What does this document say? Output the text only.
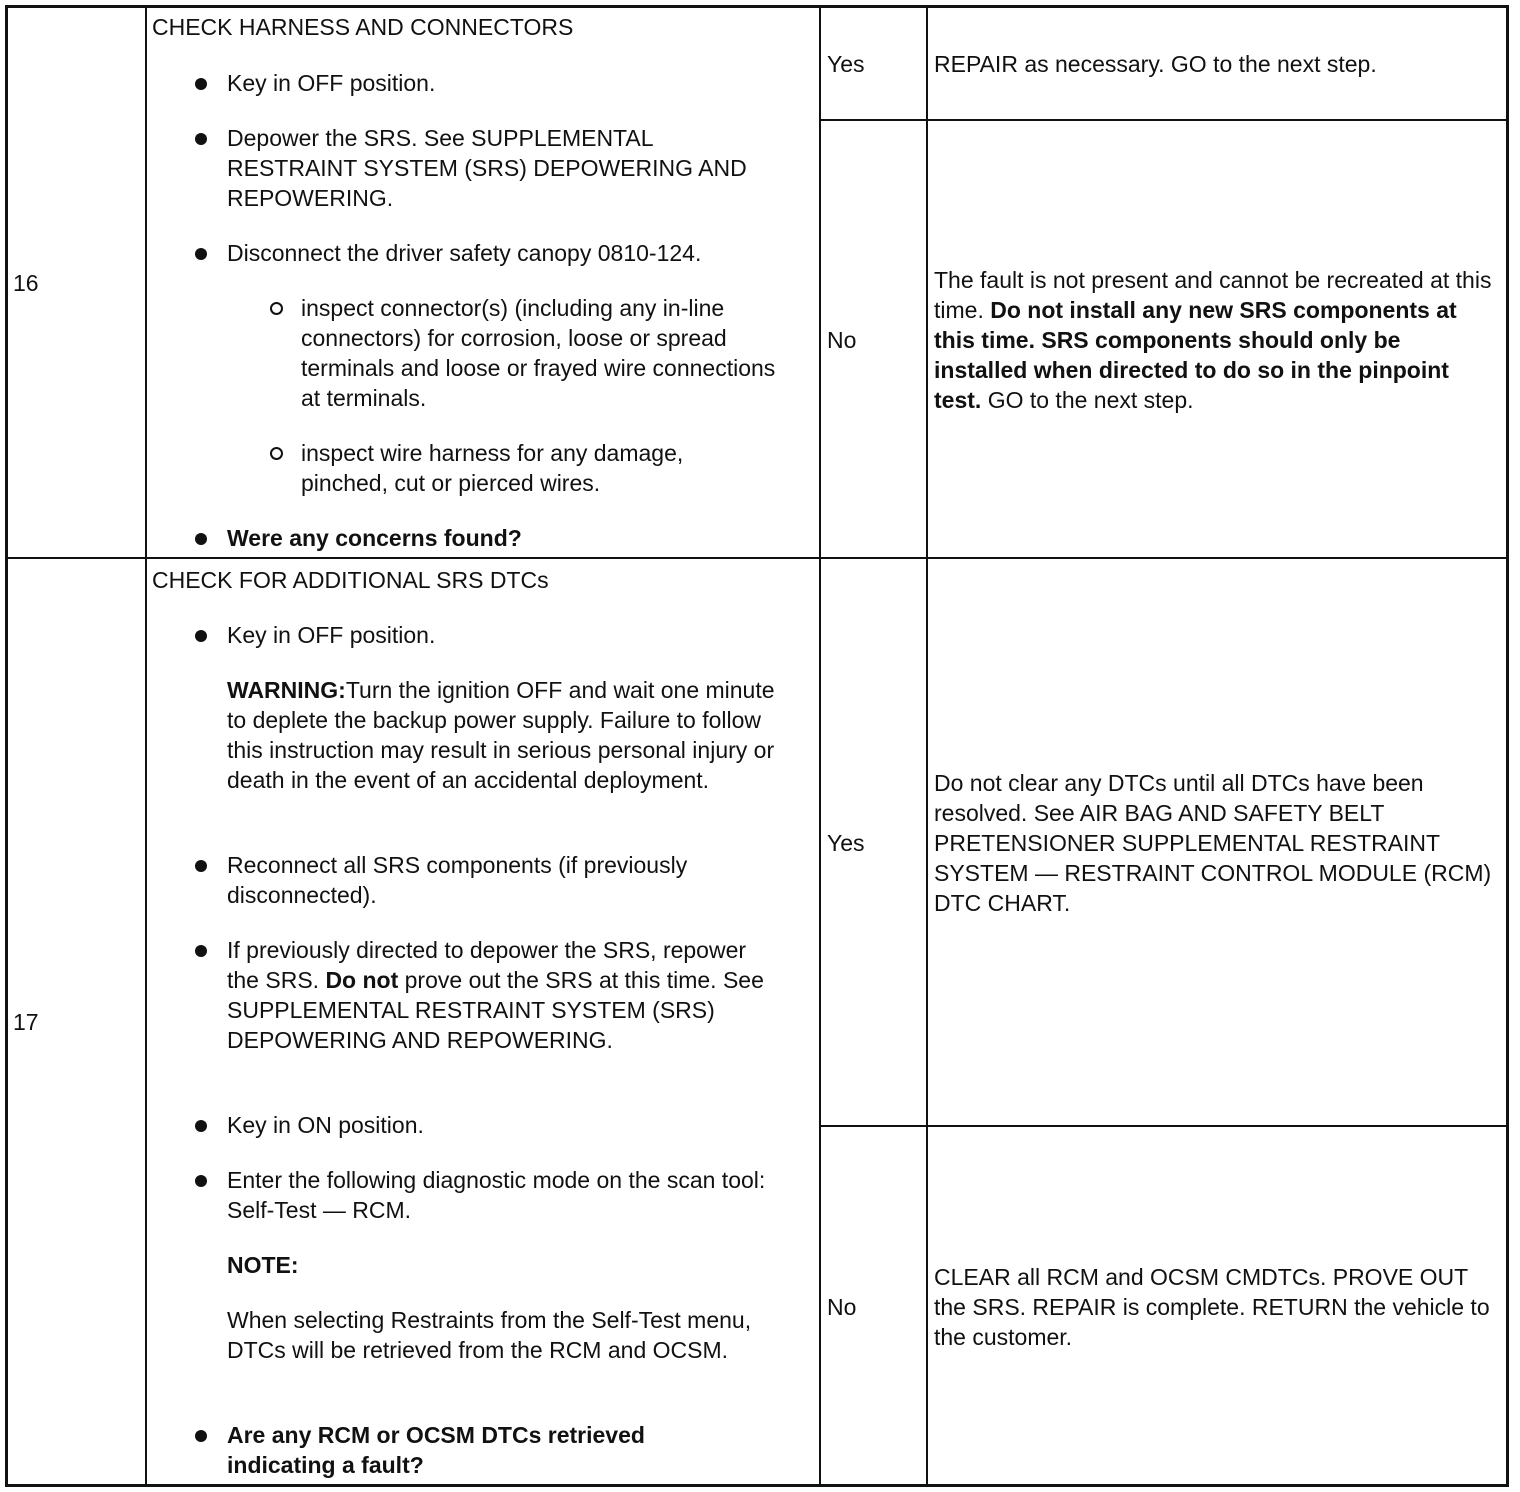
16
CHECK HARNESS AND CONNECTORS
Key in OFF position.
Depower the SRS. See SUPPLEMENTAL RESTRAINT SYSTEM (SRS) DEPOWERING AND REPOWERING.
Disconnect the driver safety canopy 0810-124.
inspect connector(s) (including any in-line connectors) for corrosion, loose or spread terminals and loose or frayed wire connections at terminals.
inspect wire harness for any damage, pinched, cut or pierced wires.
Were any concerns found?
Yes	REPAIR as necessary. GO to the next step.
No
The fault is not present and cannot be recreated at this time. Do not install any new SRS components at this time. SRS components should only be installed when directed to do so in the pinpoint test. GO to the next step.
17
CHECK FOR ADDITIONAL SRS DTCs
Key in OFF position.
WARNING:Turn the ignition OFF and wait one minute to deplete the backup power supply. Failure to follow this instruction may result in serious personal injury or death in the event of an accidental deployment.
Reconnect all SRS components (if previously disconnected).
If previously directed to depower the SRS, repower the SRS. Do not prove out the SRS at this time. See SUPPLEMENTAL RESTRAINT SYSTEM (SRS) DEPOWERING AND REPOWERING.
Key in ON position.
Enter the following diagnostic mode on the scan tool: Self-Test — RCM.
NOTE:
When selecting Restraints from the Self-Test menu, DTCs will be retrieved from the RCM and OCSM.
Are any RCM or OCSM DTCs retrieved indicating a fault?
Yes
Do not clear any DTCs until all DTCs have been resolved. See AIR BAG AND SAFETY BELT PRETENSIONER SUPPLEMENTAL RESTRAINT SYSTEM — RESTRAINT CONTROL MODULE (RCM) DTC CHART.
No
CLEAR all RCM and OCSM CMDTCs. PROVE OUT the SRS. REPAIR is complete. RETURN the vehicle to the customer.
